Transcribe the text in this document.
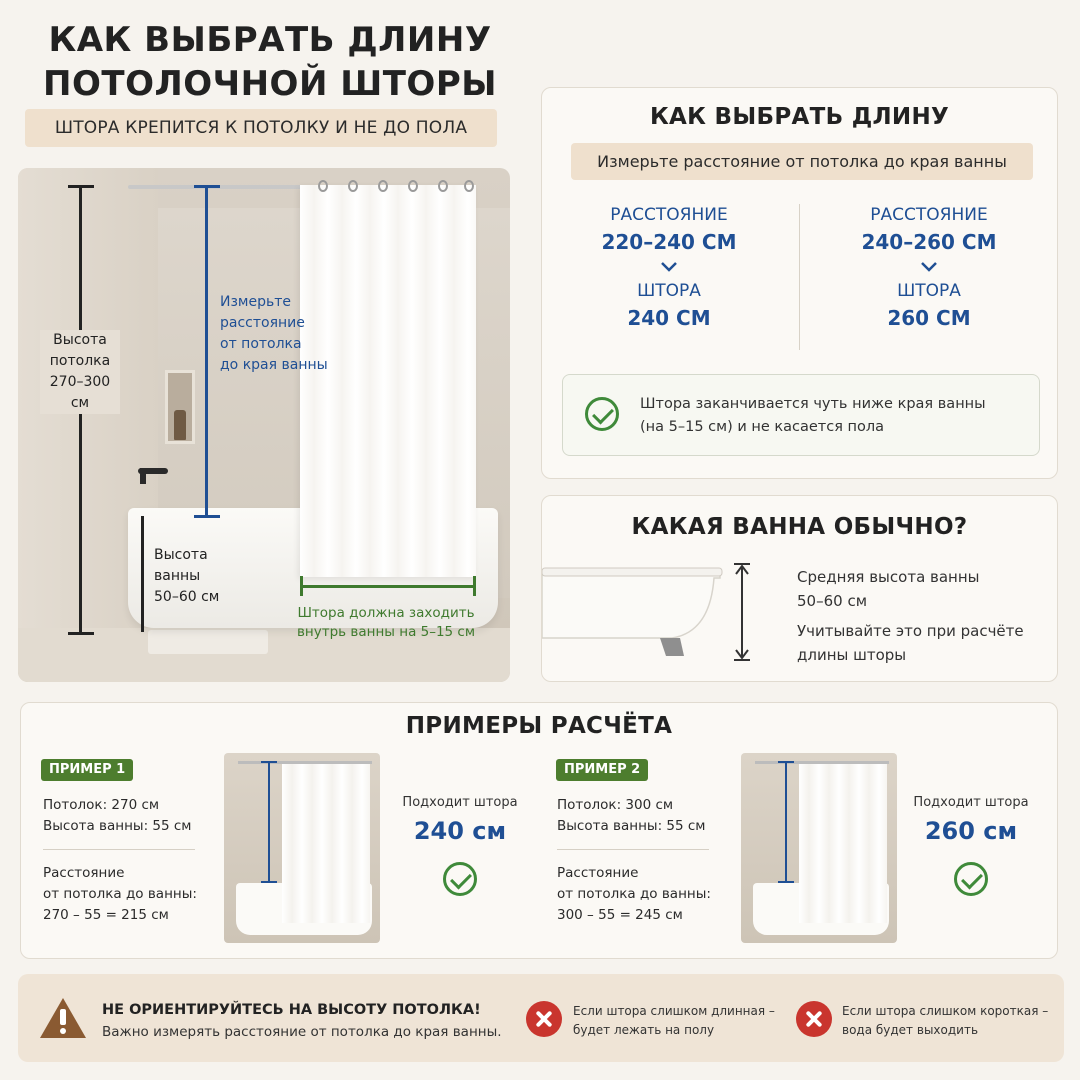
КАК ВЫБРАТЬ ДЛИНУ
ПОТОЛОЧНОЙ ШТОРЫ
ШТОРА КРЕПИТСЯ К ПОТОЛКУ И НЕ ДО ПОЛА
Высота
потолка
270–300 см
Измерьте
расстояние
от потолка
до края ванны
Высота
ванны
50–60 см
Штора должна заходить
внутрь ванны на 5–15 см
КАК ВЫБРАТЬ ДЛИНУ
Измерьте расстояние от потолка до края ванны
РАССТОЯНИЕ
220–240 СМ
ШТОРА
240 СМ
РАССТОЯНИЕ
240–260 СМ
ШТОРА
260 СМ
Штора заканчивается чуть ниже края ванны
(на 5–15 см) и не касается пола
КАКАЯ ВАННА ОБЫЧНО?
Средняя высота ванны
50–60 см
Учитывайте это при расчёте
длины шторы
ПРИМЕРЫ РАСЧЁТА
ПРИМЕР 1
Потолок: 270 см
Высота ванны: 55 см
Расстояние
от потолка до ванны:
270 – 55 = 215 см
Подходит штора
240 см
ПРИМЕР 2
Потолок: 300 см
Высота ванны: 55 см
Расстояние
от потолка до ванны:
300 – 55 = 245 см
Подходит штора
260 см
НЕ ОРИЕНТИРУЙТЕСЬ НА ВЫСОТУ ПОТОЛКА!
Важно измерять расстояние от потолка до края ванны.
Если штора слишком длинная –
будет лежать на полу
Если штора слишком короткая –
вода будет выходить
